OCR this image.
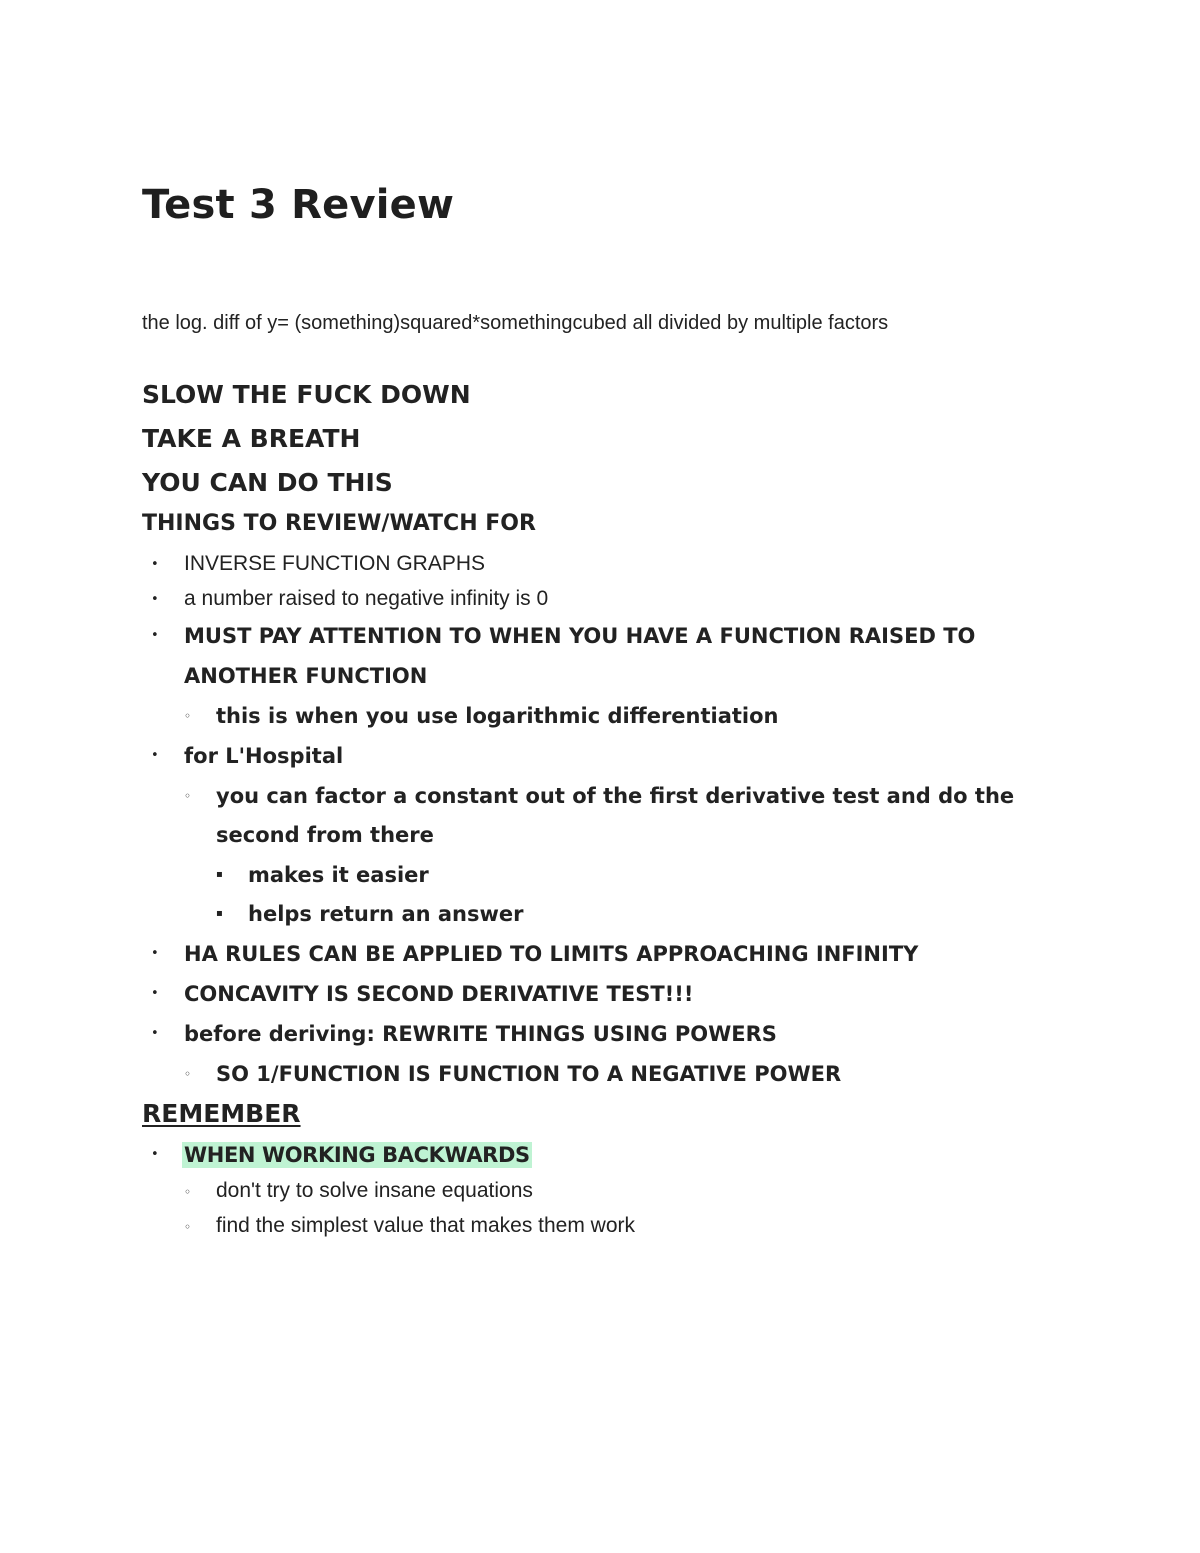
Test 3 Review

the log. diff of y= (something)squared*somethingcubed all divided by multiple factors

SLOW THE FUCK DOWN

TAKE A BREATH

YOU CAN DO THIS

THINGS TO REVIEW/WATCH FOR

• INVERSE FUNCTION GRAPHS
• a number raised to negative infinity is 0
• MUST PAY ATTENTION TO WHEN YOU HAVE A FUNCTION RAISED TO
ANOTHER FUNCTION
◦ this is when you use logarithmic differentiation
• for L'Hospital
◦ you can factor a constant out of the first derivative test and do the
second from there
▪ makes it easier
▪ helps return an answer
• HA RULES CAN BE APPLIED TO LIMITS APPROACHING INFINITY
• CONCAVITY IS SECOND DERIVATIVE TEST!!!
• before deriving: REWRITE THINGS USING POWERS
◦ SO 1/FUNCTION IS FUNCTION TO A NEGATIVE POWER

REMEMBER

• WHEN WORKING BACKWARDS
◦ don't try to solve insane equations
◦ find the simplest value that makes them work
